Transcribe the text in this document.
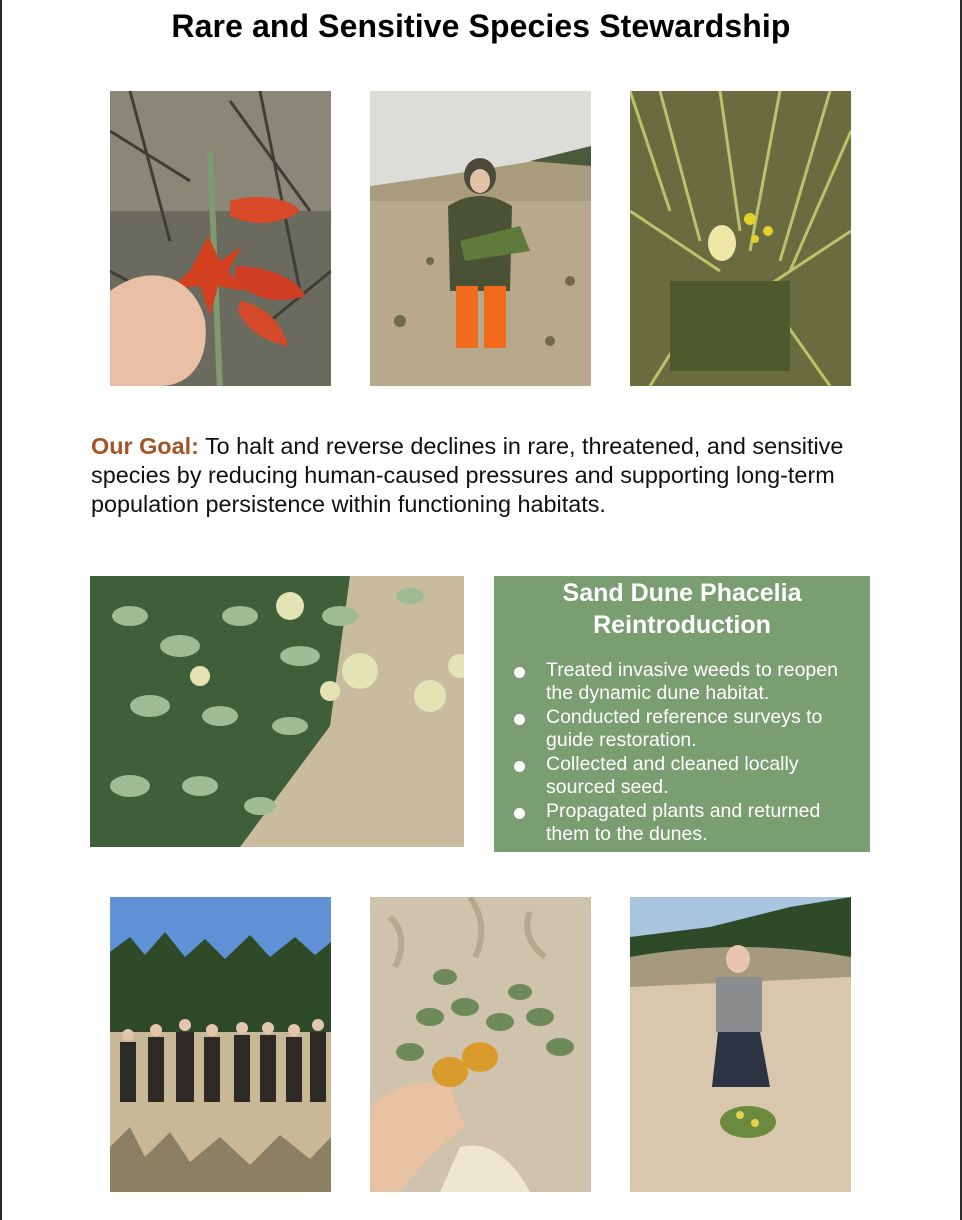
Rare and Sensitive Species Stewardship
Our Goal: To halt and reverse declines in rare, threatened, and sensitive species by reducing human-caused pressures and supporting long-term population persistence within functioning habitats.
Sand Dune Phacelia Reintroduction
Treated invasive weeds to reopen the dynamic dune habitat.
Conducted reference surveys to guide restoration.
Collected and cleaned locally sourced seed.
Propagated plants and returned them to the dunes.
